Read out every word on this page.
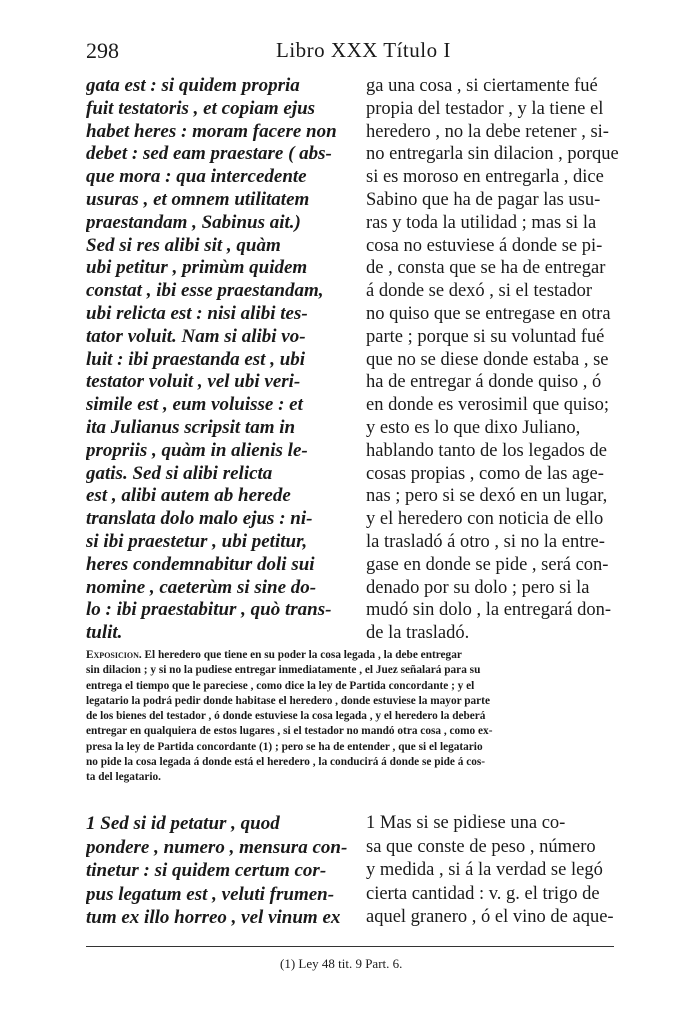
298	Libro XXX Título I
gata est : si quidem propria
fuit testatoris , et copiam ejus
habet heres : moram facere non
debet : sed eam praestare ( abs-
que mora : qua intercedente
usuras , et omnem utilitatem
praestandam , Sabinus ait.)
Sed si res alibi sit , quàm
ubi petitur , primùm quidem
constat , ibi esse praestandam,
ubi relicta est : nisi alibi tes-
tator voluit. Nam si alibi vo-
luit : ibi praestanda est , ubi
testator voluit , vel ubi veri-
simile est , eum voluisse : et
ita Julianus scripsit tam in
propriis , quàm in alienis le-
gatis. Sed si alibi relicta
est , alibi autem ab herede
translata dolo malo ejus : ni-
si ibi praestetur , ubi petitur,
heres condemnabitur doli sui
nomine , caeterùm si sine do-
lo : ibi praestabitur , quò trans-
tulit.
ga una cosa , si ciertamente fué
propia del testador , y la tiene el
heredero , no la debe retener , si-
no entregarla sin dilacion , porque
si es moroso en entregarla , dice
Sabino que ha de pagar las usu-
ras y toda la utilidad ; mas si la
cosa no estuviese á donde se pi-
de , consta que se ha de entregar
á donde se dexó , si el testador
no quiso que se entregase en otra
parte ; porque si su voluntad fué
que no se diese donde estaba , se
ha de entregar á donde quiso , ó
en donde es verosimil que quiso;
y esto es lo que dixo Juliano,
hablando tanto de los legados de
cosas propias , como de las age-
nas ; pero si se dexó en un lugar,
y el heredero con noticia de ello
la trasladó á otro , si no la entre-
gase en donde se pide , será con-
denado por su dolo ; pero si la
mudó sin dolo , la entregará don-
de la trasladó.
Exposicion. El heredero que tiene en su poder la cosa legada , la debe entregar
sin dilacion ; y si no la pudiese entregar inmediatamente , el Juez señalará para su
entrega el tiempo que le pareciese , como dice la ley de Partida concordante ; y el
legatario la podrá pedir donde habitase el heredero , donde estuviese la mayor parte
de los bienes del testador , ó donde estuviese la cosa legada , y el heredero la deberá
entregar en qualquiera de estos lugares , si el testador no mandó otra cosa , como ex-
presa la ley de Partida concordante (1) ; pero se ha de entender , que si el legatario
no pide la cosa legada á donde está el heredero , la conducirá á donde se pide á cos-
ta del legatario.
1 Sed si id petatur , quod
pondere , numero , mensura con-
tinetur : si quidem certum cor-
pus legatum est , veluti frumen-
tum ex illo horreo , vel vinum ex
1 Mas si se pidiese una co-
sa que conste de peso , número
y medida , si á la verdad se legó
cierta cantidad : v. g. el trigo de
aquel granero , ó el vino de aque-
(1) Ley 48 tit. 9 Part. 6.
